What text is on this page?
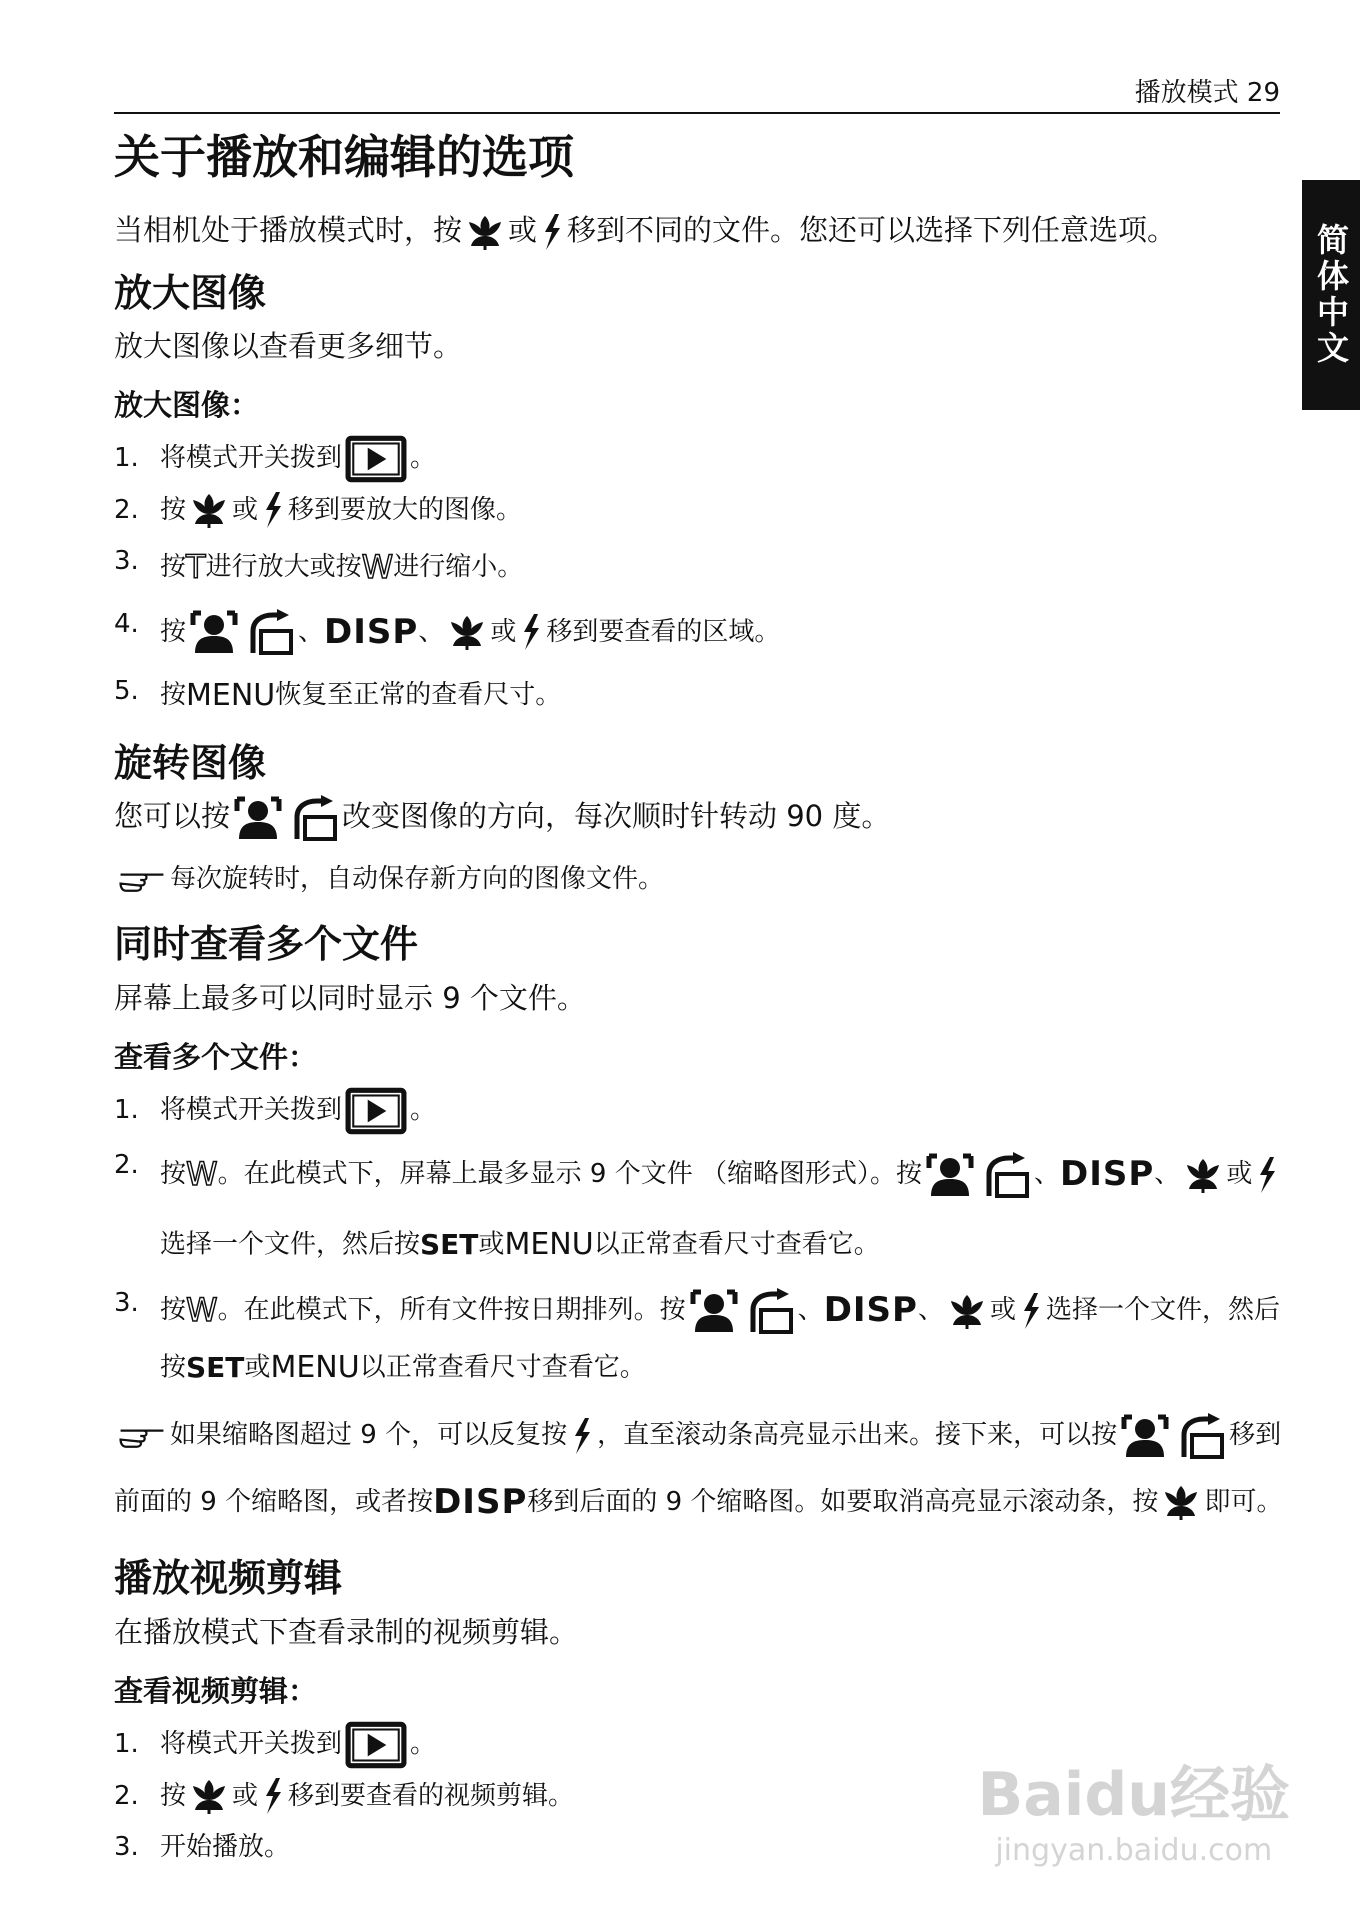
播放模式 29
简体中文
关于播放和编辑的选项

当相机处于播放模式时，按 或 移到不同的文件。您还可以选择下列任意选项。

放大图像

放大图像以查看更多细节。

放大图像：
1. 将模式开关拨到	。
2. 按 或 移到要放大的图像。
3. 按T进行放大或按W进行缩小。
4. 按	、DISP、 或 移到要查看的区域。
5. 按MENU恢复至正常的查看尺寸。
旋转图像

您可以按	改变图像的方向，每次顺时针转动 90 度。

每次旋转时，自动保存新方向的图像文件。
同时查看多个文件

屏幕上最多可以同时显示 9 个文件。

查看多个文件：
1. 将模式开关拨到	。
2. 按W。在此模式下，屏幕上最多显示 9 个文件 （缩略图形式）。按	、DISP、 或选择一个文件，然后按SET或MENU以正常查看尺寸查看它。
3. 按W。在此模式下，所有文件按日期排列。按	、DISP、 或 选择一个文件，然后按SET或MENU以正常查看尺寸查看它。
如果缩略图超过 9 个，可以反复按 ，直至滚动条高亮显示出来。接下来，可以按	移到前面的 9 个缩略图，或者按DISP移到后面的 9 个缩略图。如要取消高亮显示滚动条，按 即可。
播放视频剪辑

在播放模式下查看录制的视频剪辑。

查看视频剪辑：
1. 将模式开关拨到	。
2. 按 或 移到要查看的视频剪辑。
3. 开始播放。
Baidu经验
jingyan.baidu.com
